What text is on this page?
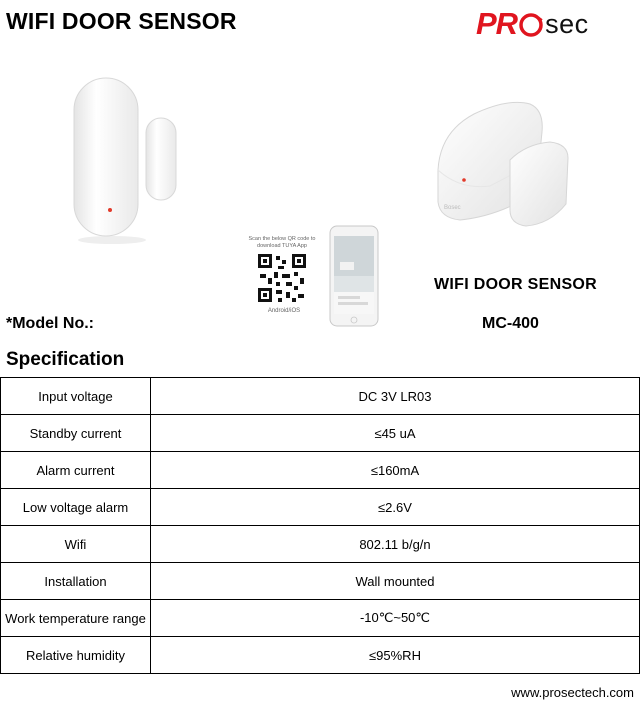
WIFI DOOR SENSOR	PR sec
Bosec
Scan the below QR code to download TUYA App
Android/iOS
WIFI DOOR SENSOR
*Model No.:	MC-400
Specification
Input voltage	DC 3V LR03
Standby current	≤45 uA
Alarm current	≤160mA
Low voltage alarm	≤2.6V
Wifi	802.11 b/g/n
Installation	Wall mounted
Work temperature range	-10℃~50℃
Relative humidity	≤95%RH
www.prosectech.com
